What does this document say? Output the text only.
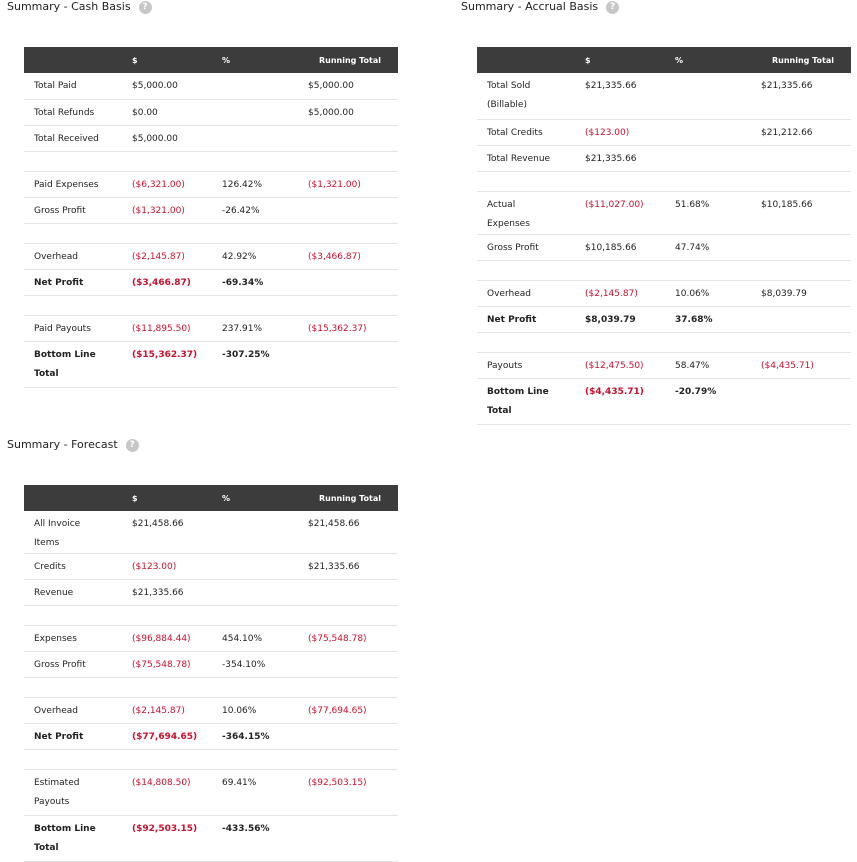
Summary - Cash Basis	?
	$	%	Running Total
Total Paid	$5,000.00		$5,000.00
Total Refunds	$0.00		$5,000.00
Total Received	$5,000.00		

Paid Expenses	($6,321.00)	126.42%	($1,321.00)
Gross Profit	($1,321.00)	-26.42%	

Overhead	($2,145.87)	42.92%	($3,466.87)
Net Profit	($3,466.87)	-69.34%	

Paid Payouts	($11,895.50)	237.91%	($15,362.37)
Bottom Line Total	($15,362.37)	-307.25%	
Summary - Accrual Basis	?
	$	%	Running Total
Total Sold (Billable)	$21,335.66		$21,335.66
Total Credits	($123.00)		$21,212.66
Total Revenue	$21,335.66		

Actual Expenses	($11,027.00)	51.68%	$10,185.66
Gross Profit	$10,185.66	47.74%	

Overhead	($2,145.87)	10.06%	$8,039.79
Net Profit	$8,039.79	37.68%	

Payouts	($12,475.50)	58.47%	($4,435.71)
Bottom Line Total	($4,435.71)	-20.79%	
Summary - Forecast	?
	$	%	Running Total
All Invoice Items	$21,458.66		$21,458.66
Credits	($123.00)		$21,335.66
Revenue	$21,335.66		

Expenses	($96,884.44)	454.10%	($75,548.78)
Gross Profit	($75,548.78)	-354.10%	

Overhead	($2,145.87)	10.06%	($77,694.65)
Net Profit	($77,694.65)	-364.15%	

Estimated Payouts	($14,808.50)	69.41%	($92,503.15)
Bottom Line Total	($92,503.15)	-433.56%	
